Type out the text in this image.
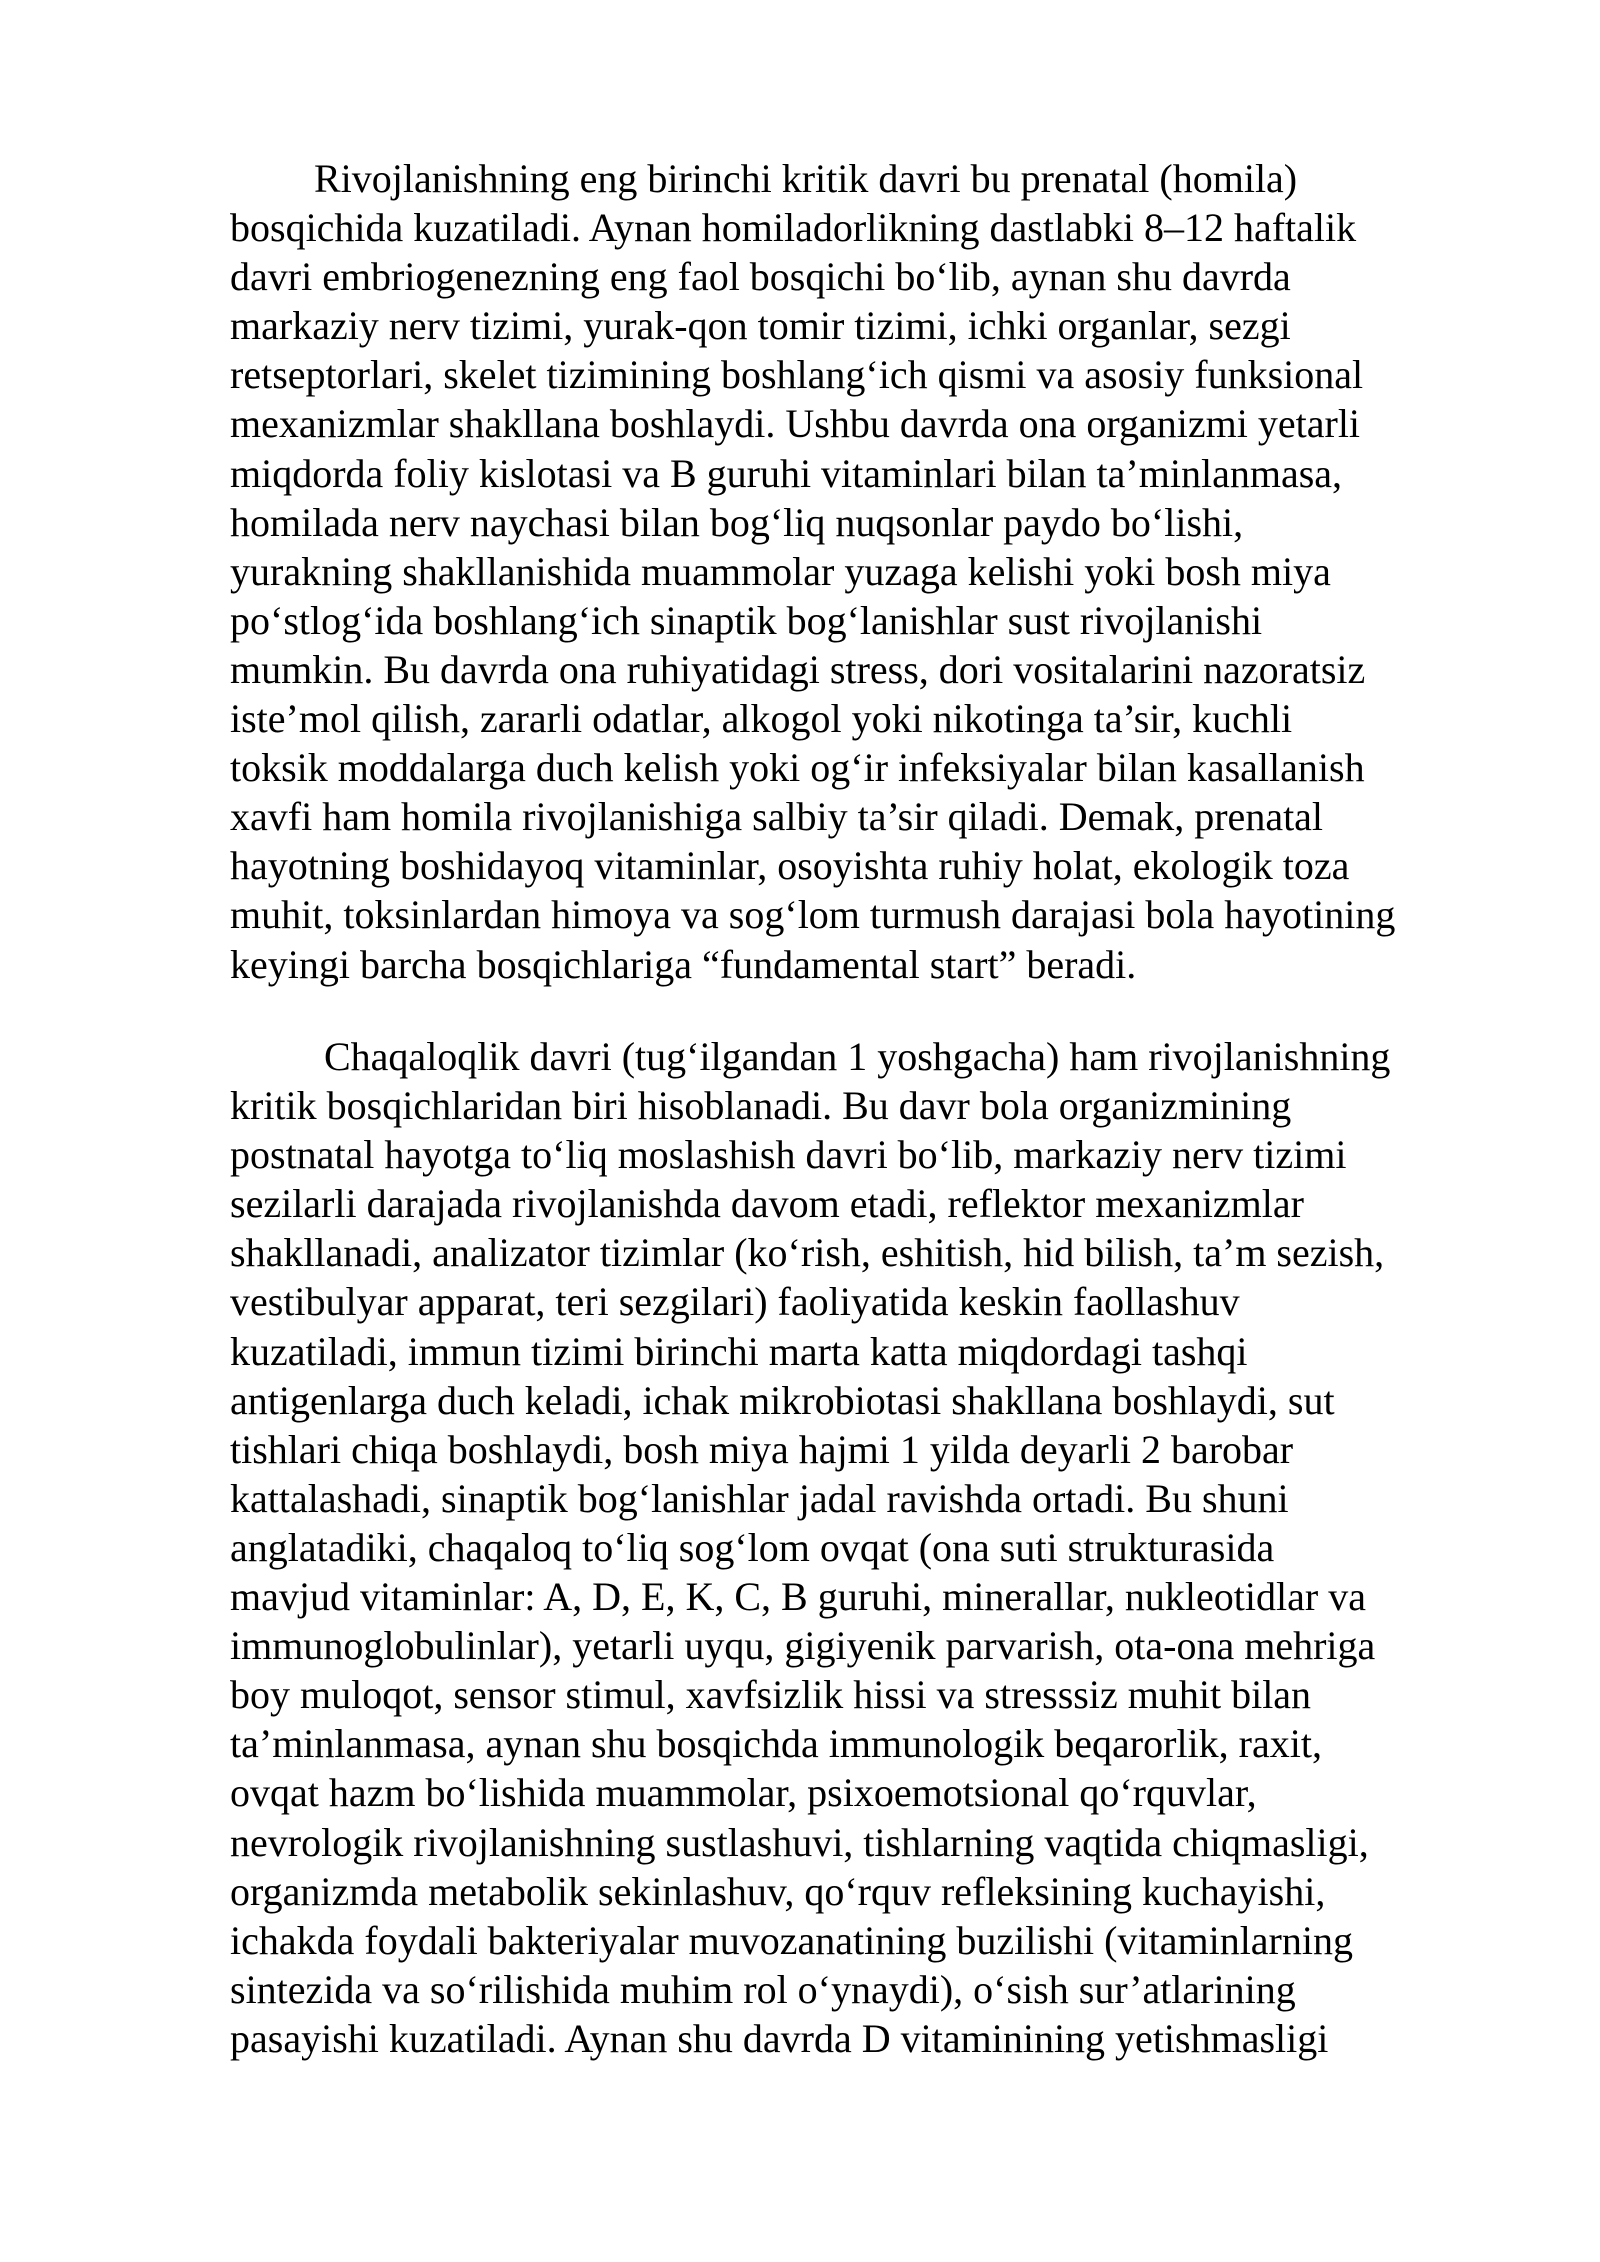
Rivojlanishning eng birinchi kritik davri bu prenatal (homila)
bosqichida kuzatiladi. Aynan homiladorlikning dastlabki 8–12 haftalik
davri embriogenezning eng faol bosqichi bo‘lib, aynan shu davrda
markaziy nerv tizimi, yurak-qon tomir tizimi, ichki organlar, sezgi
retseptorlari, skelet tizimining boshlang‘ich qismi va asosiy funksional
mexanizmlar shakllana boshlaydi. Ushbu davrda ona organizmi yetarli
miqdorda foliy kislotasi va B guruhi vitaminlari bilan ta’minlanmasa,
homilada nerv naychasi bilan bog‘liq nuqsonlar paydo bo‘lishi,
yurakning shakllanishida muammolar yuzaga kelishi yoki bosh miya
po‘stlog‘ida boshlang‘ich sinaptik bog‘lanishlar sust rivojlanishi
mumkin. Bu davrda ona ruhiyatidagi stress, dori vositalarini nazoratsiz
iste’mol qilish, zararli odatlar, alkogol yoki nikotinga ta’sir, kuchli
toksik moddalarga duch kelish yoki og‘ir infeksiyalar bilan kasallanish
xavfi ham homila rivojlanishiga salbiy ta’sir qiladi. Demak, prenatal
hayotning boshidayoq vitaminlar, osoyishta ruhiy holat, ekologik toza
muhit, toksinlardan himoya va sog‘lom turmush darajasi bola hayotining
keyingi barcha bosqichlariga “fundamental start” beradi.
Chaqaloqlik davri (tug‘ilgandan 1 yoshgacha) ham rivojlanishning
kritik bosqichlaridan biri hisoblanadi. Bu davr bola organizmining
postnatal hayotga to‘liq moslashish davri bo‘lib, markaziy nerv tizimi
sezilarli darajada rivojlanishda davom etadi, reflektor mexanizmlar
shakllanadi, analizator tizimlar (ko‘rish, eshitish, hid bilish, ta’m sezish,
vestibulyar apparat, teri sezgilari) faoliyatida keskin faollashuv
kuzatiladi, immun tizimi birinchi marta katta miqdordagi tashqi
antigenlarga duch keladi, ichak mikrobiotasi shakllana boshlaydi, sut
tishlari chiqa boshlaydi, bosh miya hajmi 1 yilda deyarli 2 barobar
kattalashadi, sinaptik bog‘lanishlar jadal ravishda ortadi. Bu shuni
anglatadiki, chaqaloq to‘liq sog‘lom ovqat (ona suti strukturasida
mavjud vitaminlar: A, D, E, K, C, B guruhi, minerallar, nukleotidlar va
immunoglobulinlar), yetarli uyqu, gigiyenik parvarish, ota-ona mehriga
boy muloqot, sensor stimul, xavfsizlik hissi va stresssiz muhit bilan
ta’minlanmasa, aynan shu bosqichda immunologik beqarorlik, raxit,
ovqat hazm bo‘lishida muammolar, psixoemotsional qo‘rquvlar,
nevrologik rivojlanishning sustlashuvi, tishlarning vaqtida chiqmasligi,
organizmda metabolik sekinlashuv, qo‘rquv refleksining kuchayishi,
ichakda foydali bakteriyalar muvozanatining buzilishi (vitaminlarning
sintezida va so‘rilishida muhim rol o‘ynaydi), o‘sish sur’atlarining
pasayishi kuzatiladi. Aynan shu davrda D vitaminining yetishmasligi
